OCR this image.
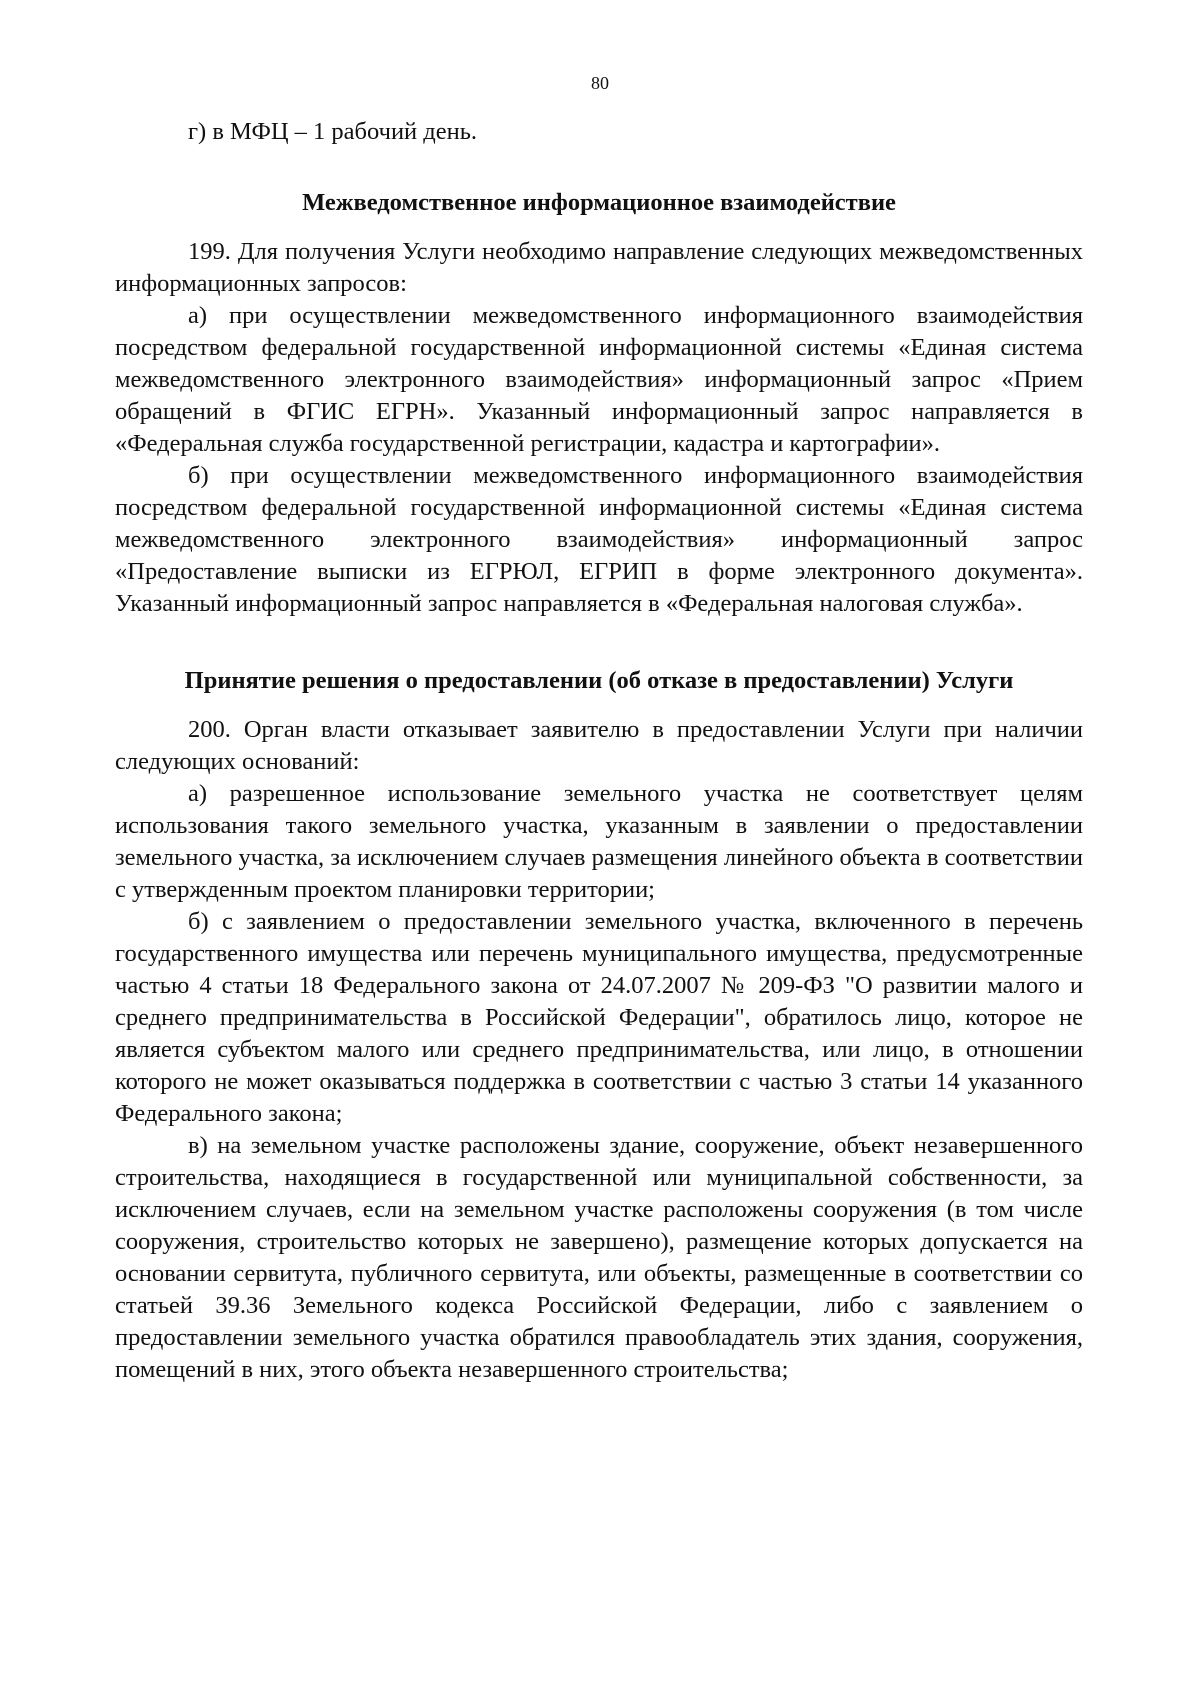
80

г) в МФЦ – 1 рабочий день.

Межведомственное информационное взаимодействие

199. Для получения Услуги необходимо направление следующих межведомственных информационных запросов:

а) при осуществлении межведомственного информационного взаимодействия посредством федеральной государственной информационной системы «Единая система межведомственного электронного взаимодействия» информационный запрос «Прием обращений в ФГИС ЕГРН». Указанный информационный запрос направляется в «Федеральная служба государственной регистрации, кадастра и картографии».

б) при осуществлении межведомственного информационного взаимодействия посредством федеральной государственной информационной системы «Единая система межведомственного электронного взаимодействия» информационный запрос «Предоставление выписки из ЕГРЮЛ, ЕГРИП в форме электронного документа». Указанный информационный запрос направляется в «Федеральная налоговая служба».

Принятие решения о предоставлении (об отказе в предоставлении) Услуги

200. Орган власти отказывает заявителю в предоставлении Услуги при наличии следующих оснований:

а) разрешенное использование земельного участка не соответствует целям использования такого земельного участка, указанным в заявлении о предоставлении земельного участка, за исключением случаев размещения линейного объекта в соответствии с утвержденным проектом планировки территории;

б) с заявлением о предоставлении земельного участка, включенного в перечень государственного имущества или перечень муниципального имущества, предусмотренные частью 4 статьи 18 Федерального закона от 24.07.2007 № 209-ФЗ "О развитии малого и среднего предпринимательства в Российской Федерации", обратилось лицо, которое не является субъектом малого или среднего предпринимательства, или лицо, в отношении которого не может оказываться поддержка в соответствии с частью 3 статьи 14 указанного Федерального закона;

в) на земельном участке расположены здание, сооружение, объект незавершенного строительства, находящиеся в государственной или муниципальной собственности, за исключением случаев, если на земельном участке расположены сооружения (в том числе сооружения, строительство которых не завершено), размещение которых допускается на основании сервитута, публичного сервитута, или объекты, размещенные в соответствии со статьей 39.36 Земельного кодекса Российской Федерации, либо с заявлением о предоставлении земельного участка обратился правообладатель этих здания, сооружения, помещений в них, этого объекта незавершенного строительства;
